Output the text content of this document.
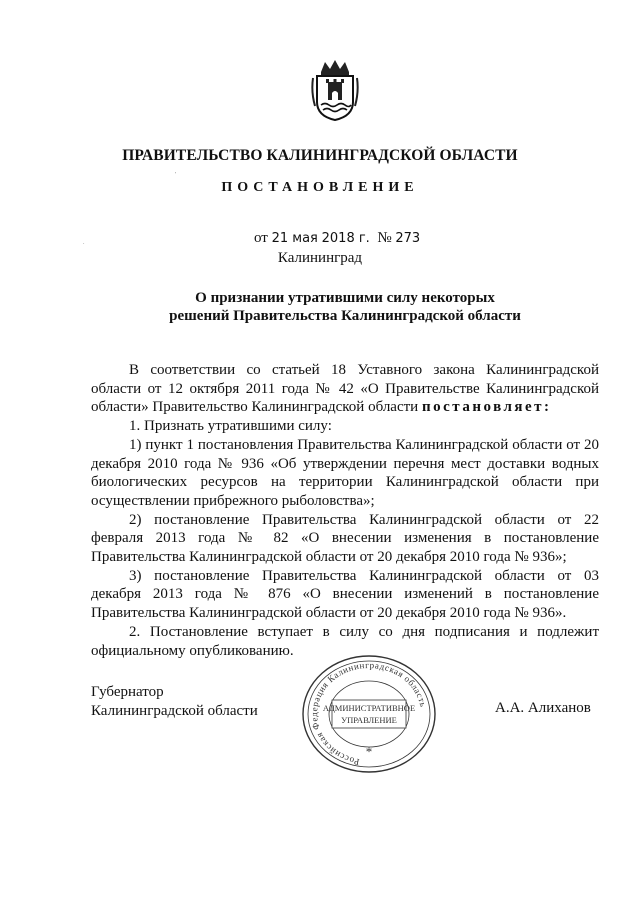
ПРАВИТЕЛЬСТВО КАЛИНИНГРАДСКОЙ ОБЛАСТИ
ПОСТАНОВЛЕНИЕ
'
.	от 21 мая 2018 г. № 273
Калининград
О признании утратившими силу некоторых
решений Правительства Калининградской области

В соответствии со статьей 18 Уставного закона Калининградской области от 12 октября 2011 года № 42 «О Правительстве Калининградской области» Правительство Калининградской области постановляет:

1. Признать утратившими силу:

1) пункт 1 постановления Правительства Калининградской области от 20 декабря 2010 года № 936 «Об утверждении перечня мест доставки водных биологических ресурсов на территории Калининградской области при осуществлении прибрежного рыболовства»;

2) постановление Правительства Калининградской области от 22 февраля 2013 года № 82 «О внесении изменения в постановление Правительства Калининградской области от 20 декабря 2010 года № 936»;

3) постановление Правительства Калининградской области от 03 декабря 2013 года № 876 «О внесении изменений в постановление Правительства Калининградской области от 20 декабря 2010 года № 936».

2. Постановление вступает в силу со дня подписания и подлежит официальному опубликованию.

Губернатор
Калининградской области
Российская Федерация Калининградская область
АДМИНИСТРАТИВНОЕ
УПРАВЛЕНИЕ
*
А.А. Алиханов
